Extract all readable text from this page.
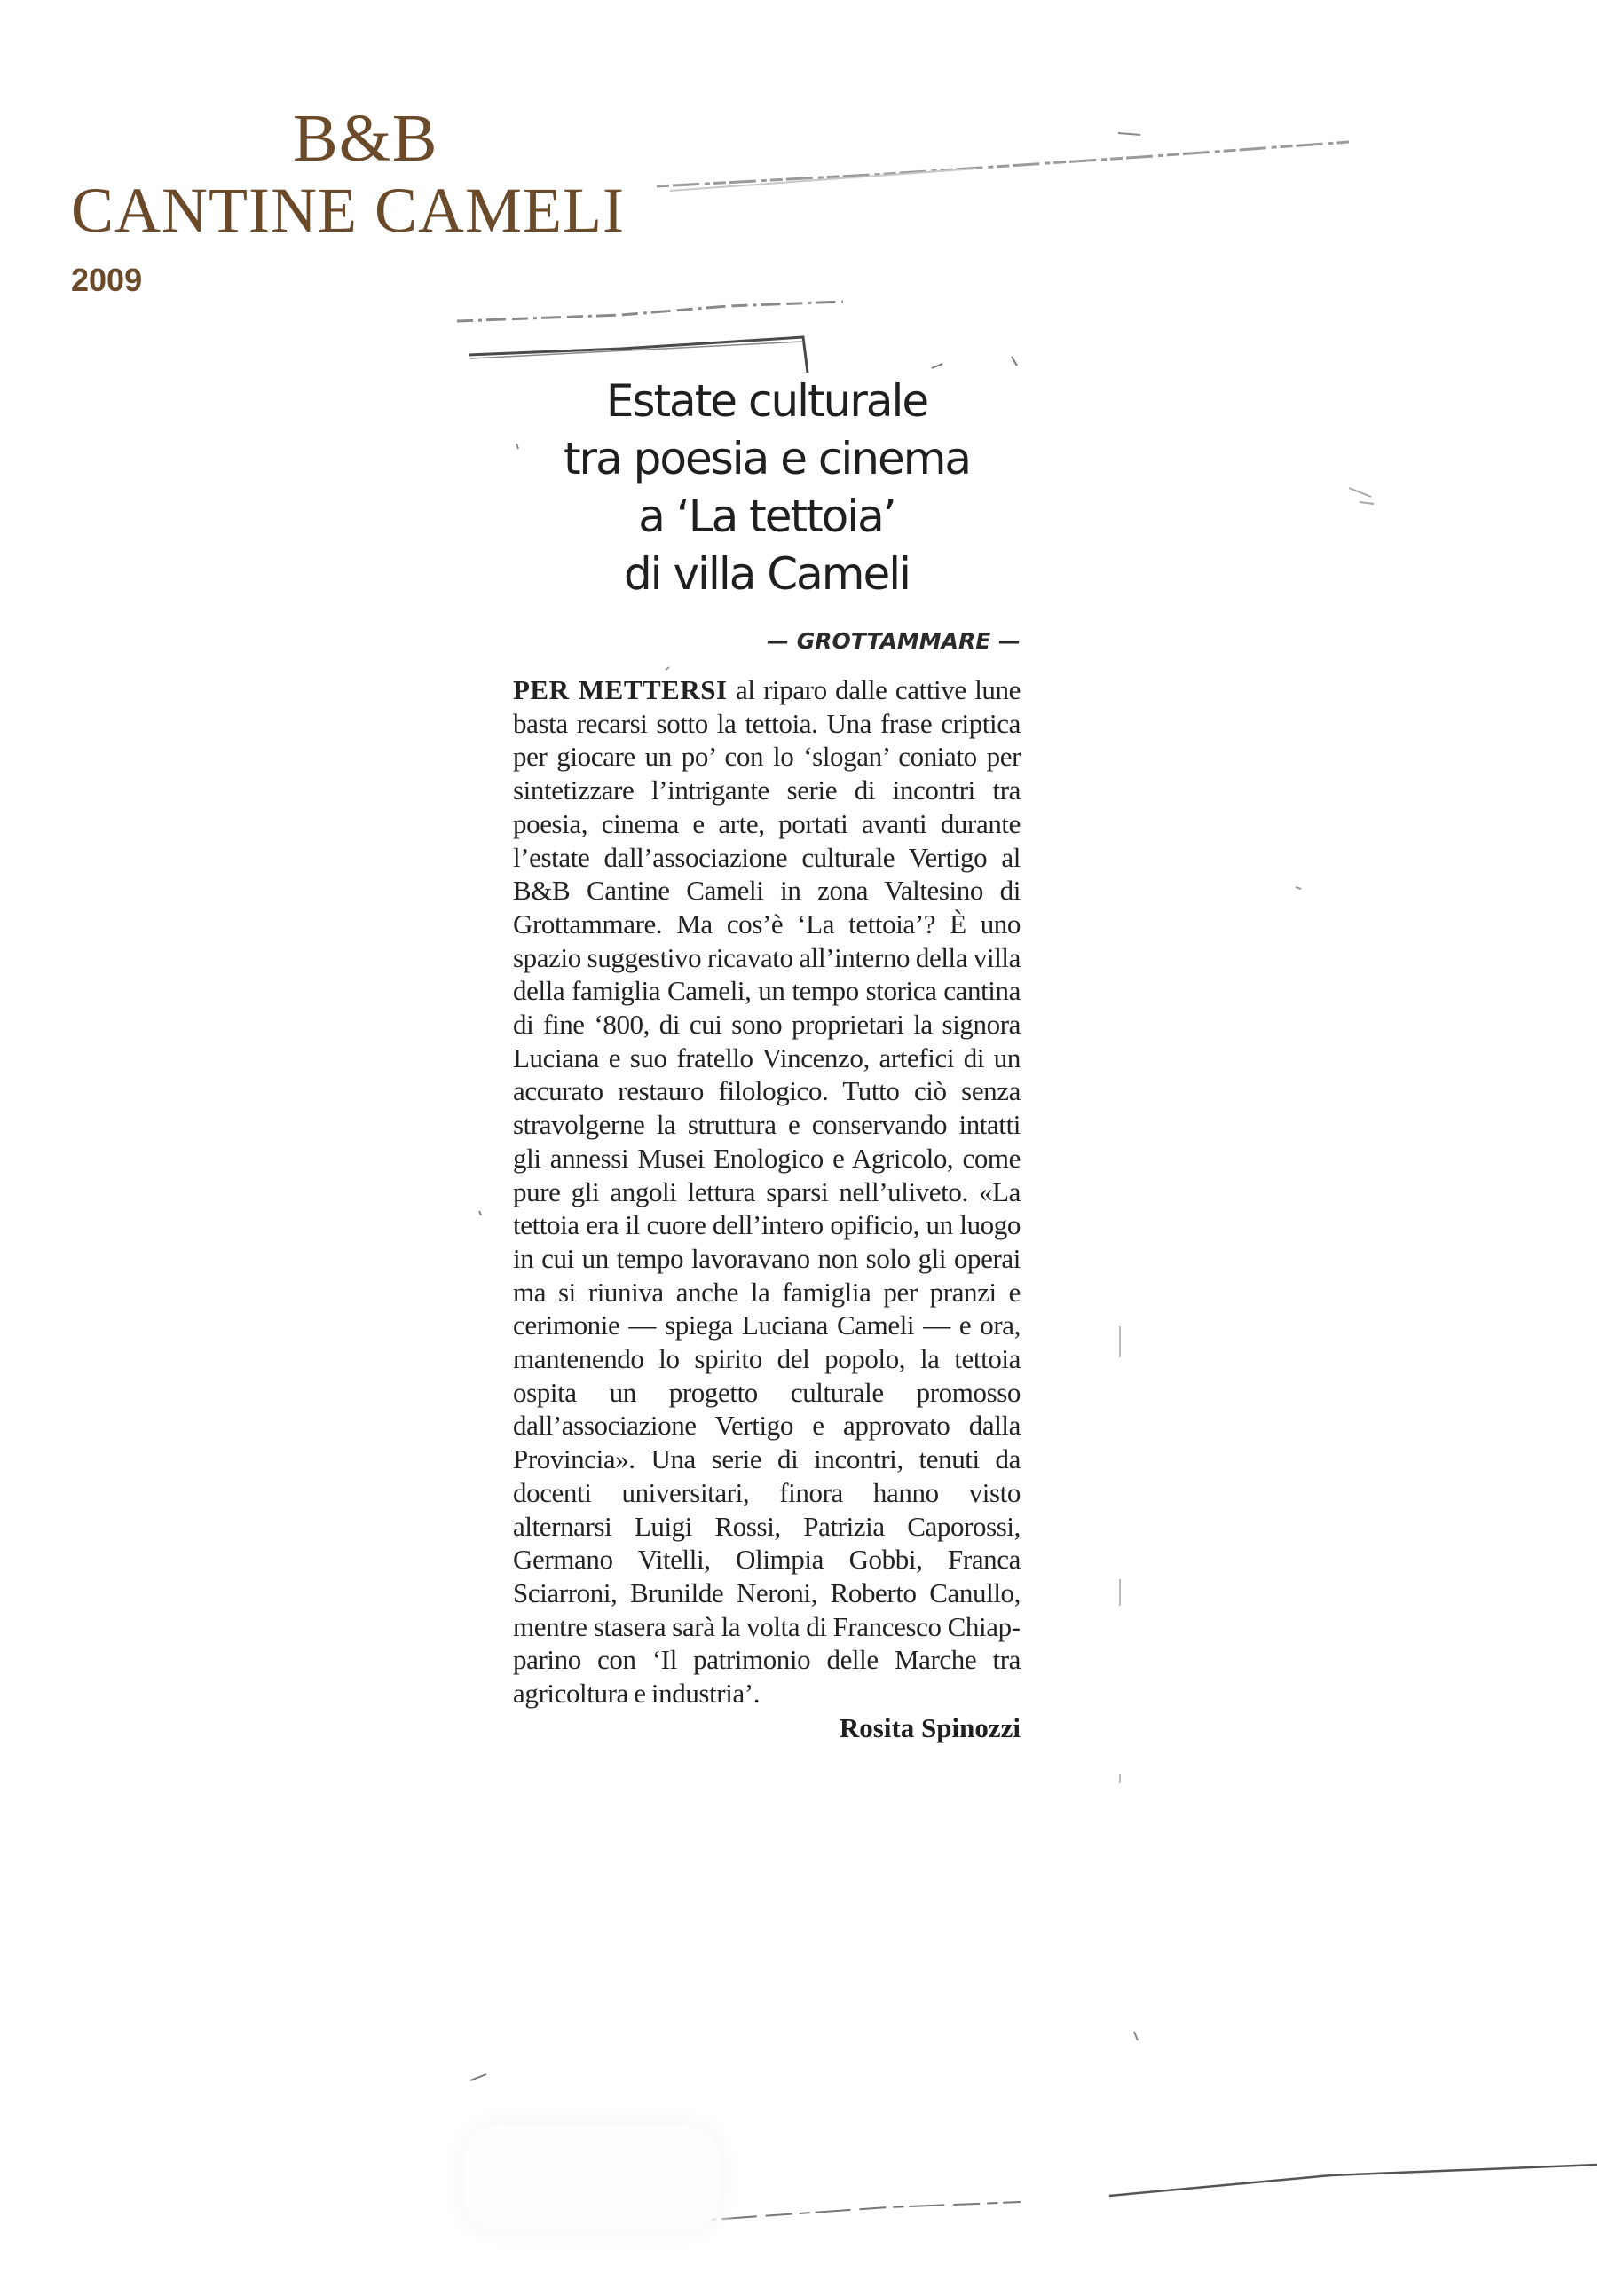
B&B
CANTINE CAMELI
2009
Estate culturale
tra poesia e cinema
a ‘La tettoia’
di villa Cameli
— GROTTAMMARE —
PER METTERSI al riparo dalle cattive lune basta recarsi sotto la tettoia. Una frase criptica per giocare un po’ con lo ‘slogan’ coniato per sintetizzare l’intrigante serie di incontri tra poesia, cinema e arte, portati avanti durante l’estate dall’associazione culturale Vertigo al B&B Cantine Cameli in zona Valtesino di Grottammare. Ma cos’è ‘La tettoia’? È uno spazio suggestivo ricavato all’interno della villa della famiglia Cameli, un tempo storica cantina di fine ‘800, di cui sono proprietari la signora Luciana e suo fratello Vincenzo, artefici di un accurato restauro filologico. Tutto ciò senza stravolgerne la struttura e conservando intatti gli annessi Musei Enologico e Agricolo, come pure gli angoli lettura sparsi nell’uliveto. «La tettoia era il cuore dell’intero opificio, un luogo in cui un tempo lavoravano non solo gli operai ma si riuniva anche la famiglia per pranzi e cerimonie — spiega Luciana Cameli — e ora, mantenendo lo spirito del popolo, la tettoia ospita un progetto culturale promosso dall’associazione Vertigo e approvato dalla Provincia». Una serie di incontri, tenuti da docenti universitari, finora hanno visto alternarsi Luigi Rossi, Patrizia Caporossi, Germano Vitelli, Olimpia Gobbi, Franca Sciarroni, Brunilde Neroni, Roberto Canullo, mentre stasera sarà la volta di Francesco Chiapparino con ‘Il patrimonio delle Marche tra agricoltura e industria’.
Rosita Spinozzi
